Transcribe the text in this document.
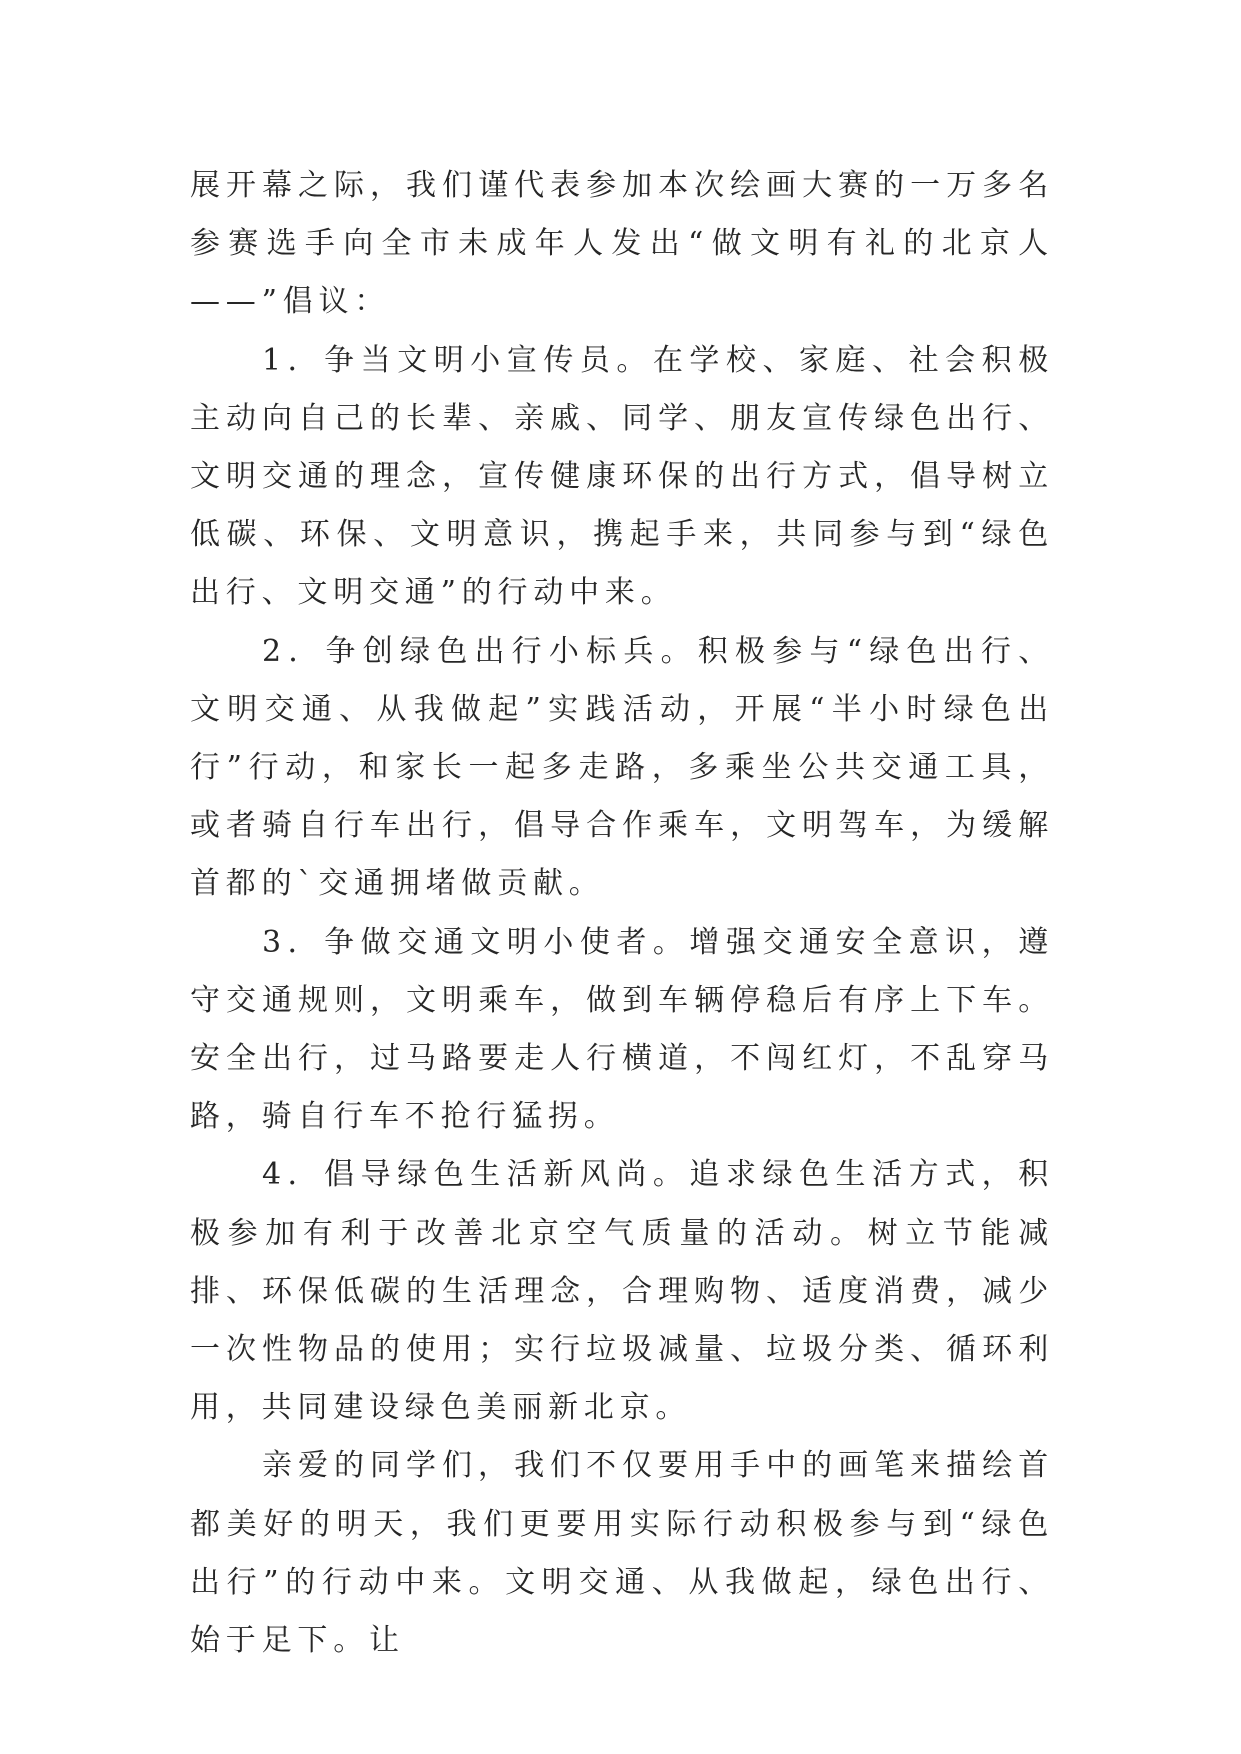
展开幕之际，我们谨代表参加本次绘画大赛的一万多名参赛选手向全市未成年人发出“做文明有礼的北京人——”倡议：

1．争当文明小宣传员。在学校、家庭、社会积极主动向自己的长辈、亲戚、同学、朋友宣传绿色出行、文明交通的理念，宣传健康环保的出行方式，倡导树立低碳、环保、文明意识，携起手来，共同参与到“绿色出行、文明交通”的行动中来。

2．争创绿色出行小标兵。积极参与“绿色出行、文明交通、从我做起”实践活动，开展“半小时绿色出行”行动，和家长一起多走路，多乘坐公共交通工具，或者骑自行车出行，倡导合作乘车，文明驾车，为缓解首都的`交通拥堵做贡献。

3．争做交通文明小使者。增强交通安全意识，遵守交通规则，文明乘车，做到车辆停稳后有序上下车。安全出行，过马路要走人行横道，不闯红灯，不乱穿马路，骑自行车不抢行猛拐。

4．倡导绿色生活新风尚。追求绿色生活方式，积极参加有利于改善北京空气质量的活动。树立节能减排、环保低碳的生活理念，合理购物、适度消费，减少一次性物品的使用；实行垃圾减量、垃圾分类、循环利用，共同建设绿色美丽新北京。

亲爱的同学们，我们不仅要用手中的画笔来描绘首都美好的明天，我们更要用实际行动积极参与到“绿色出行”的行动中来。文明交通、从我做起，绿色出行、始于足下。让
